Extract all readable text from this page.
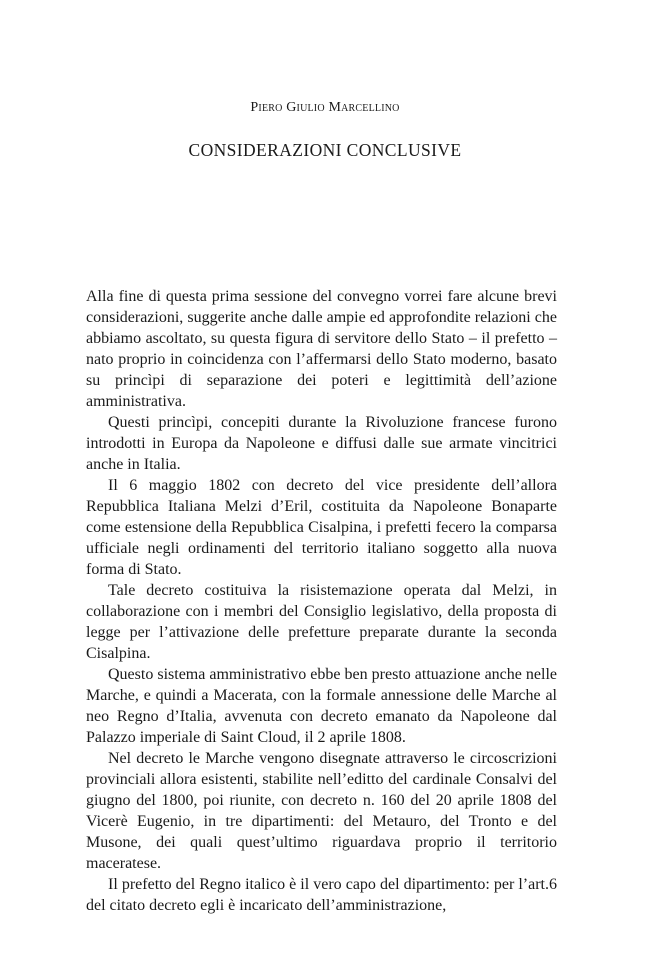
Piero Giulio Marcellino
CONSIDERAZIONI CONCLUSIVE

Alla fine di questa prima sessione del convegno vorrei fare alcune brevi considerazioni, suggerite anche dalle ampie ed approfondite relazioni che abbiamo ascoltato, su questa figura di servitore dello Stato – il prefetto – nato proprio in coincidenza con l’affermarsi dello Stato moderno, basato su princìpi di separazione dei poteri e legittimità dell’azione amministrativa.

Questi princìpi, concepiti durante la Rivoluzione francese furono introdotti in Europa da Napoleone e diffusi dalle sue armate vincitrici anche in Italia.

Il 6 maggio 1802 con decreto del vice presidente dell’allora Repubblica Italiana Melzi d’Eril, costituita da Napoleone Bonaparte come estensione della Repubblica Cisalpina, i prefetti fecero la comparsa ufficiale negli ordinamenti del territorio italiano soggetto alla nuova forma di Stato.

Tale decreto costituiva la risistemazione operata dal Melzi, in collaborazione con i membri del Consiglio legislativo, della proposta di legge per l’attivazione delle prefetture preparate durante la seconda Cisalpina.

Questo sistema amministrativo ebbe ben presto attuazione anche nelle Marche, e quindi a Macerata, con la formale annessione delle Marche al neo Regno d’Italia, avvenuta con decreto emanato da Napoleone dal Palazzo imperiale di Saint Cloud, il 2 aprile 1808.

Nel decreto le Marche vengono disegnate attraverso le circoscrizioni provinciali allora esistenti, stabilite nell’editto del cardinale Consalvi del giugno del 1800, poi riunite, con decreto n. 160 del 20 aprile 1808 del Vicerè Eugenio, in tre dipartimenti: del Metauro, del Tronto e del Musone, dei quali quest’ultimo riguardava proprio il territorio maceratese.

Il prefetto del Regno italico è il vero capo del dipartimento: per l’art.6 del citato decreto egli è incaricato dell’amministrazione,
